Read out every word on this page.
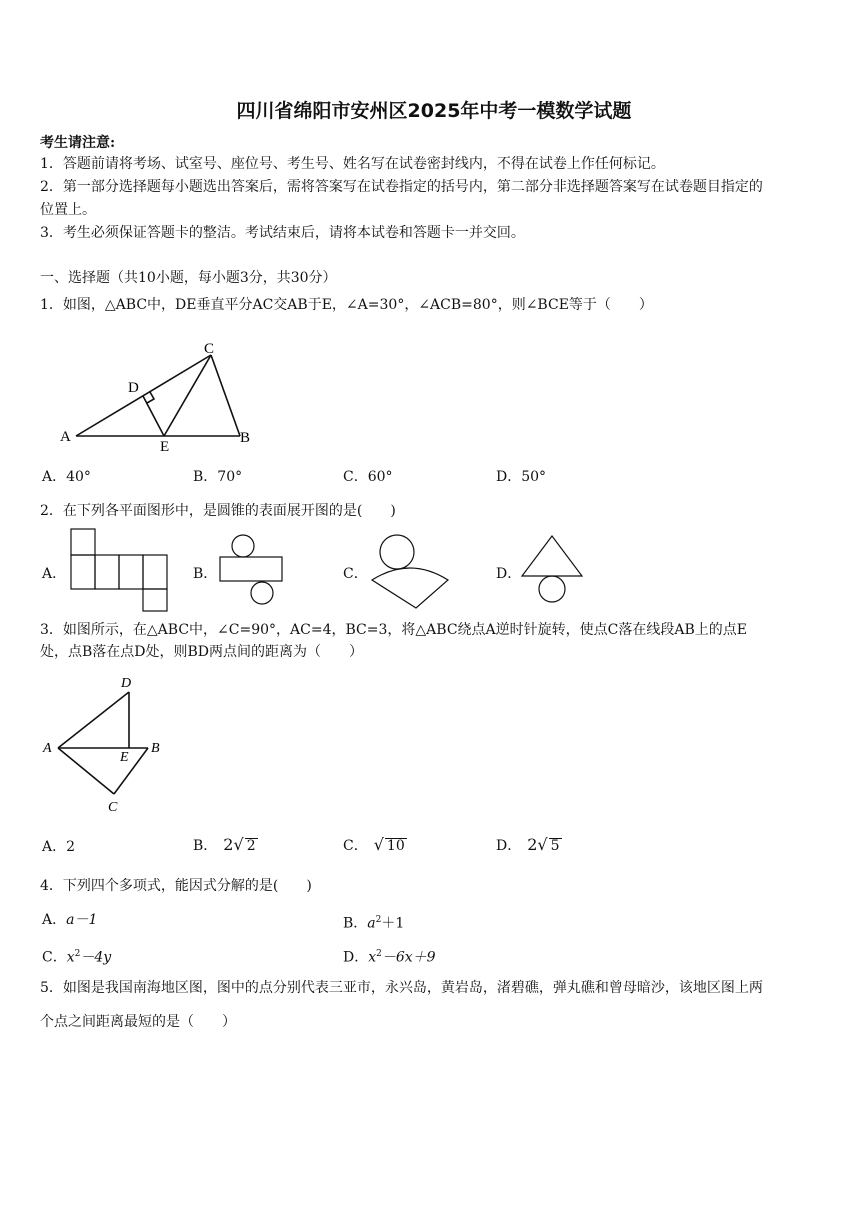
四川省绵阳市安州区2025年中考一模数学试题
考生请注意:
1．答题前请将考场、试室号、座位号、考生号、姓名写在试卷密封线内，不得在试卷上作任何标记。
2．第一部分选择题每小题选出答案后，需将答案写在试卷指定的括号内，第二部分非选择题答案写在试卷题目指定的
位置上。
3．考生必须保证答题卡的整洁。考试结束后，请将本试卷和答题卡一并交回。
一、选择题（共10小题，每小题3分，共30分）
1．如图，△ABC中，DE垂直平分AC交AB于E，∠A=30°，∠ACB=80°，则∠BCE等于（　　）
A	B
C
D
E
A．40°	B．70°	C．60°	D．50°
2．在下列各平面图形中，是圆锥的表面展开图的是(　　)
A．	B．	C．	D．
3．如图所示，在△ABC中，∠C=90°，AC=4，BC=3，将△ABC绕点A逆时针旋转，使点C落在线段AB上的点E
处，点B落在点D处，则BD两点间的距离为（　　）
A	B
C
D
E
A．2	B． 2√ 2	C． √ 10	D． 2√ 5
4．下列四个多项式，能因式分解的是(　　)
A．a－1	B．$a^2+1$
C．$x^2-4y$	D．$x^2-6x+9$
5．如图是我国南海地区图，图中的点分别代表三亚市，永兴岛，黄岩岛，渚碧礁，弹丸礁和曾母暗沙，该地区图上两
个点之间距离最短的是（　　）
